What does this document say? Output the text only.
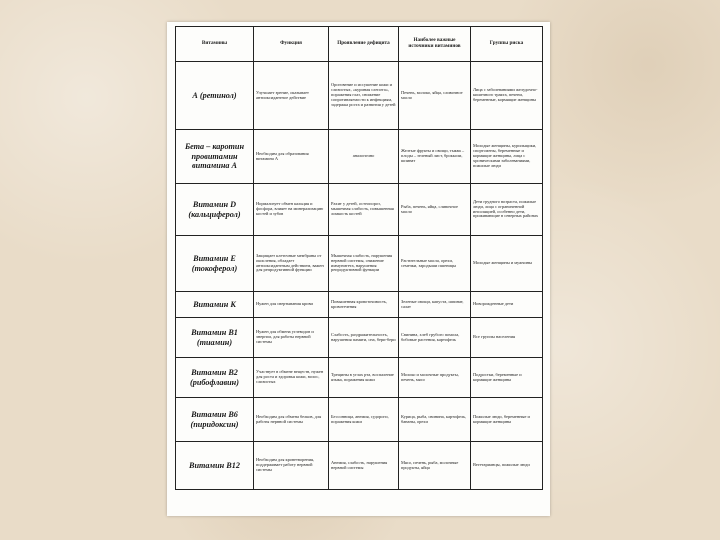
Витамины	Функция	Проявление дефицита	Наиболее важные источники витаминов	Группы риска
А (ретинол)	Улучшает зрение, оказывает антиоксидантное действие	Ороговение и иссушение кожи и слизистых, «куриная слепота», поражения глаз, снижение сопротивляемости к инфекциям, задержка роста и развития у детей	Печень, молоко, яйца, сливочное масло	Лица с заболеваниями желудочно-кишечного тракта, печени, беременные, кормящие женщины
Бета – каротин провитамин витамина А	Необходим для образования витамина А	аналогично	Желтые фрукты и овощи, тыква – плоды – зеленый лист, брокколи, шпинат	Молодые женщины, курильщики, спортсмены, беременные и кормящие женщины, лица с хроническими заболеваниями, пожилые люди
Витамин D (кальциферол)	Нормализует обмен кальция и фосфора, влияет на минерализацию костей и зубов	Рахит у детей, остеопороз, мышечная слабость, повышенная ломкость костей	Рыба, печень, яйца, сливочное масло	Дети грудного возраста, пожилые люди, лица с ограниченной инсоляцией, особенно дети, проживающие в северных районах
Витамин Е (токоферол)	Защищает клеточные мембраны от окисления, обладает антиоксидантным действием, важен для репродуктивной функции	Мышечная слабость, нарушения нервной системы, снижение иммунитета, нарушения репродуктивной функции	Растительные масла, орехи, семечки, зародыши пшеницы	Молодые женщины и мужчины
Витамин К	Нужен для свертывания крови	Повышенная кровоточивость, кровотечения	Зеленые овощи, капуста, шпинат, салат	Новорожденные дети
Витамин В1 (тиамин)	Нужен для обмена углеводов и энергии, для работы нервной системы	Слабость, раздражительность, нарушения памяти, сна, бери-бери	Свинина, хлеб грубого помола, бобовые растения, картофель	Все группы населения
Витамин В2 (рибофлавин)	Участвует в обмене веществ, нужен для роста и здоровья кожи, волос, слизистых	Трещины в углах рта, воспаление языка, поражения кожи	Молоко и молочные продукты, печень, мясо	Подростки, беременные и кормящие женщины
Витамин В6 (пиридоксин)	Необходим для обмена белков, для работы нервной системы	Бессонница, анемия, судороги, поражения кожи	Курица, рыба, свинина, картофель, бананы, орехи	Пожилые люди, беременные и кормящие женщины
Витамин В12	Необходим для кроветворения, поддерживает работу нервной системы	Анемия, слабость, нарушения нервной системы	Мясо, печень, рыба, молочные продукты, яйца	Вегетарианцы, пожилые люди
